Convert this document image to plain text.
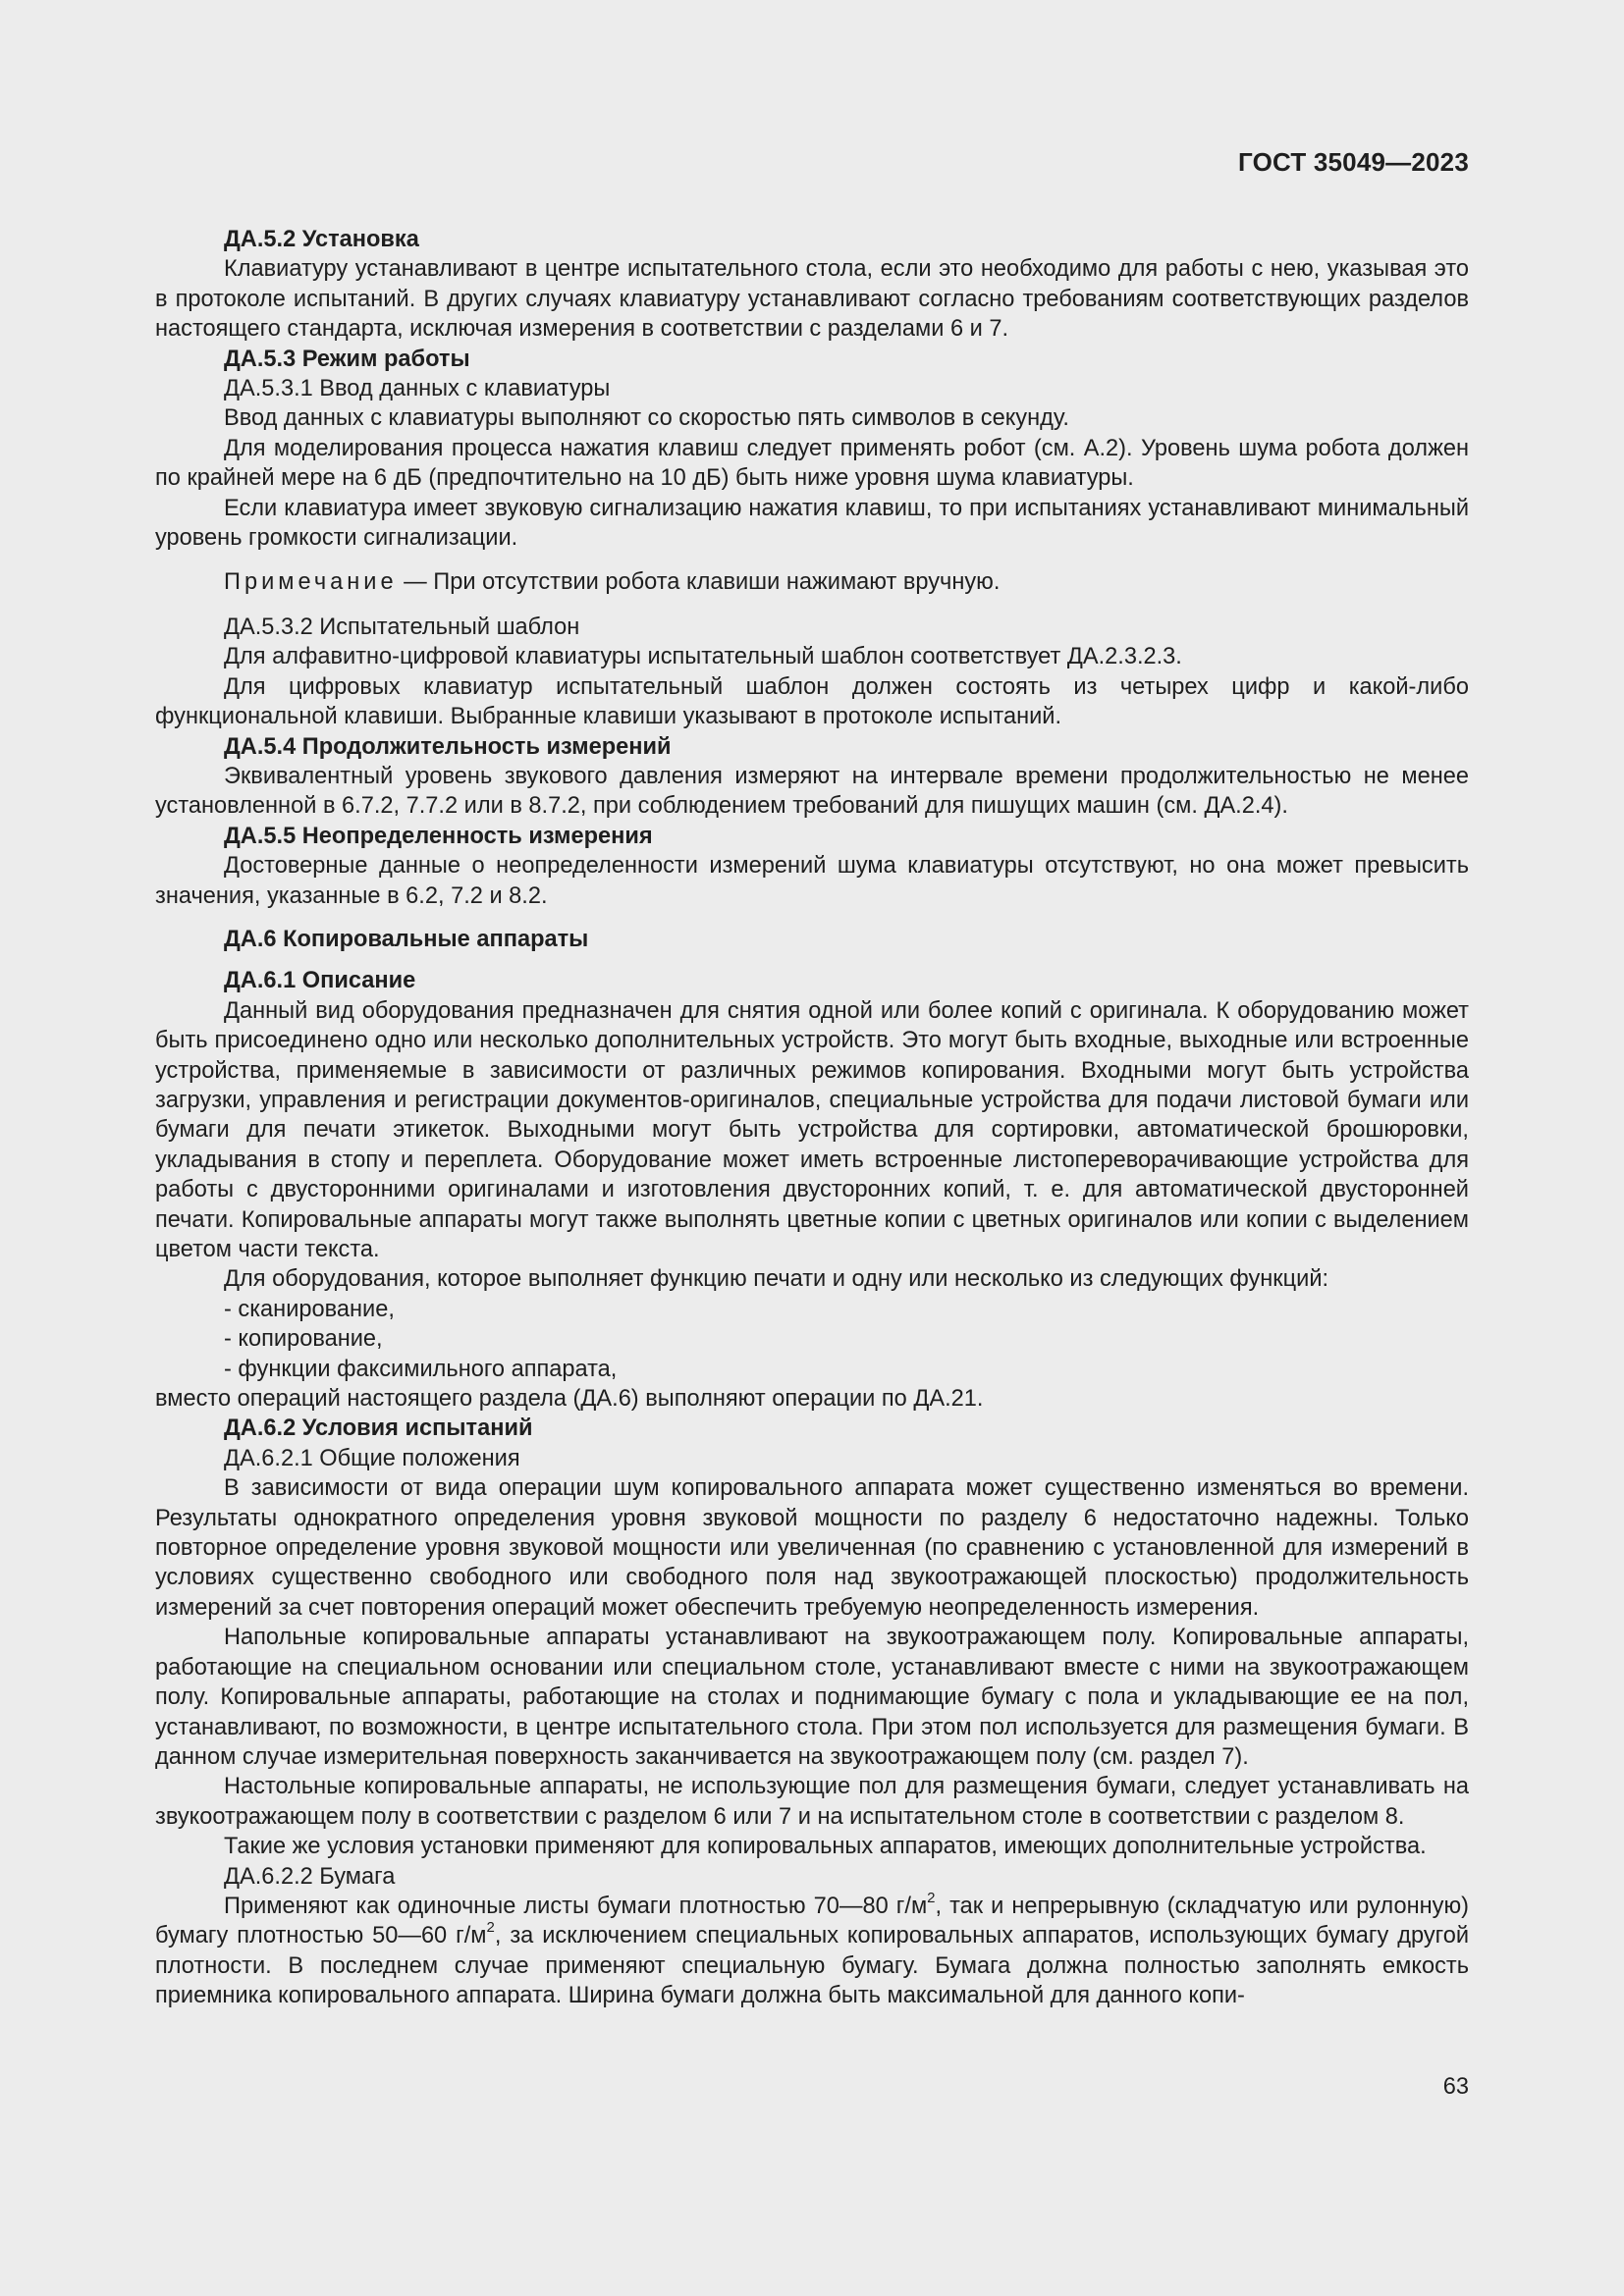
ГОСТ 35049—2023

ДА.5.2 Установка

Клавиатуру устанавливают в центре испытательного стола, если это необходимо для работы с нею, указывая это в протоколе испытаний. В других случаях клавиатуру устанавливают согласно требованиям соответствующих разделов настоящего стандарта, исключая измерения в соответствии с разделами 6 и 7.

ДА.5.3 Режим работы

ДА.5.3.1 Ввод данных с клавиатуры

Ввод данных с клавиатуры выполняют со скоростью пять символов в секунду.

Для моделирования процесса нажатия клавиш следует применять робот (см. А.2). Уровень шума робота должен по крайней мере на 6 дБ (предпочтительно на 10 дБ) быть ниже уровня шума клавиатуры.

Если клавиатура имеет звуковую сигнализацию нажатия клавиш, то при испытаниях устанавливают минимальный уровень громкости сигнализации.

Примечание — При отсутствии робота клавиши нажимают вручную.

ДА.5.3.2 Испытательный шаблон

Для алфавитно-цифровой клавиатуры испытательный шаблон соответствует ДА.2.3.2.3.

Для цифровых клавиатур испытательный шаблон должен состоять из четырех цифр и какой-либо функциональной клавиши. Выбранные клавиши указывают в протоколе испытаний.

ДА.5.4 Продолжительность измерений

Эквивалентный уровень звукового давления измеряют на интервале времени продолжительностью не менее установленной в 6.7.2, 7.7.2 или в 8.7.2, при соблюдением требований для пишущих машин (см. ДА.2.4).

ДА.5.5 Неопределенность измерения

Достоверные данные о неопределенности измерений шума клавиатуры отсутствуют, но она может превысить значения, указанные в 6.2, 7.2 и 8.2.

ДА.6 Копировальные аппараты

ДА.6.1 Описание

Данный вид оборудования предназначен для снятия одной или более копий с оригинала. К оборудованию может быть присоединено одно или несколько дополнительных устройств. Это могут быть входные, выходные или встроенные устройства, применяемые в зависимости от различных режимов копирования. Входными могут быть устройства загрузки, управления и регистрации документов-оригиналов, специальные устройства для подачи листовой бумаги или бумаги для печати этикеток. Выходными могут быть устройства для сортировки, автоматической брошюровки, укладывания в стопу и переплета. Оборудование может иметь встроенные листопереворачивающие устройства для работы с двусторонними оригиналами и изготовления двусторонних копий, т. е. для автоматической двусторонней печати. Копировальные аппараты могут также выполнять цветные копии с цветных оригиналов или копии с выделением цветом части текста.

Для оборудования, которое выполняет функцию печати и одну или несколько из следующих функций:

- сканирование,

- копирование,

- функции факсимильного аппарата,

вместо операций настоящего раздела (ДА.6) выполняют операции по ДА.21.

ДА.6.2 Условия испытаний

ДА.6.2.1 Общие положения

В зависимости от вида операции шум копировального аппарата может существенно изменяться во времени. Результаты однократного определения уровня звуковой мощности по разделу 6 недостаточно надежны. Только повторное определение уровня звуковой мощности или увеличенная (по сравнению с установленной для измерений в условиях существенно свободного или свободного поля над звукоотражающей плоскостью) продолжительность измерений за счет повторения операций может обеспечить требуемую неопределенность измерения.

Напольные копировальные аппараты устанавливают на звукоотражающем полу. Копировальные аппараты, работающие на специальном основании или специальном столе, устанавливают вместе с ними на звукоотражающем полу. Копировальные аппараты, работающие на столах и поднимающие бумагу с пола и укладывающие ее на пол, устанавливают, по возможности, в центре испытательного стола. При этом пол используется для размещения бумаги. В данном случае измерительная поверхность заканчивается на звукоотражающем полу (см. раздел 7).

Настольные копировальные аппараты, не использующие пол для размещения бумаги, следует устанавливать на звукоотражающем полу в соответствии с разделом 6 или 7 и на испытательном столе в соответствии с разделом 8.

Такие же условия установки применяют для копировальных аппаратов, имеющих дополнительные устройства.

ДА.6.2.2 Бумага

Применяют как одиночные листы бумаги плотностью 70—80 $г/м^2$, так и непрерывную (складчатую или рулонную) бумагу плотностью 50—60 $г/м^2$, за исключением специальных копировальных аппаратов, использующих бумагу другой плотности. В последнем случае применяют специальную бумагу. Бумага должна полностью заполнять емкость приемника копировального аппарата. Ширина бумаги должна быть максимальной для данного копи-

63
